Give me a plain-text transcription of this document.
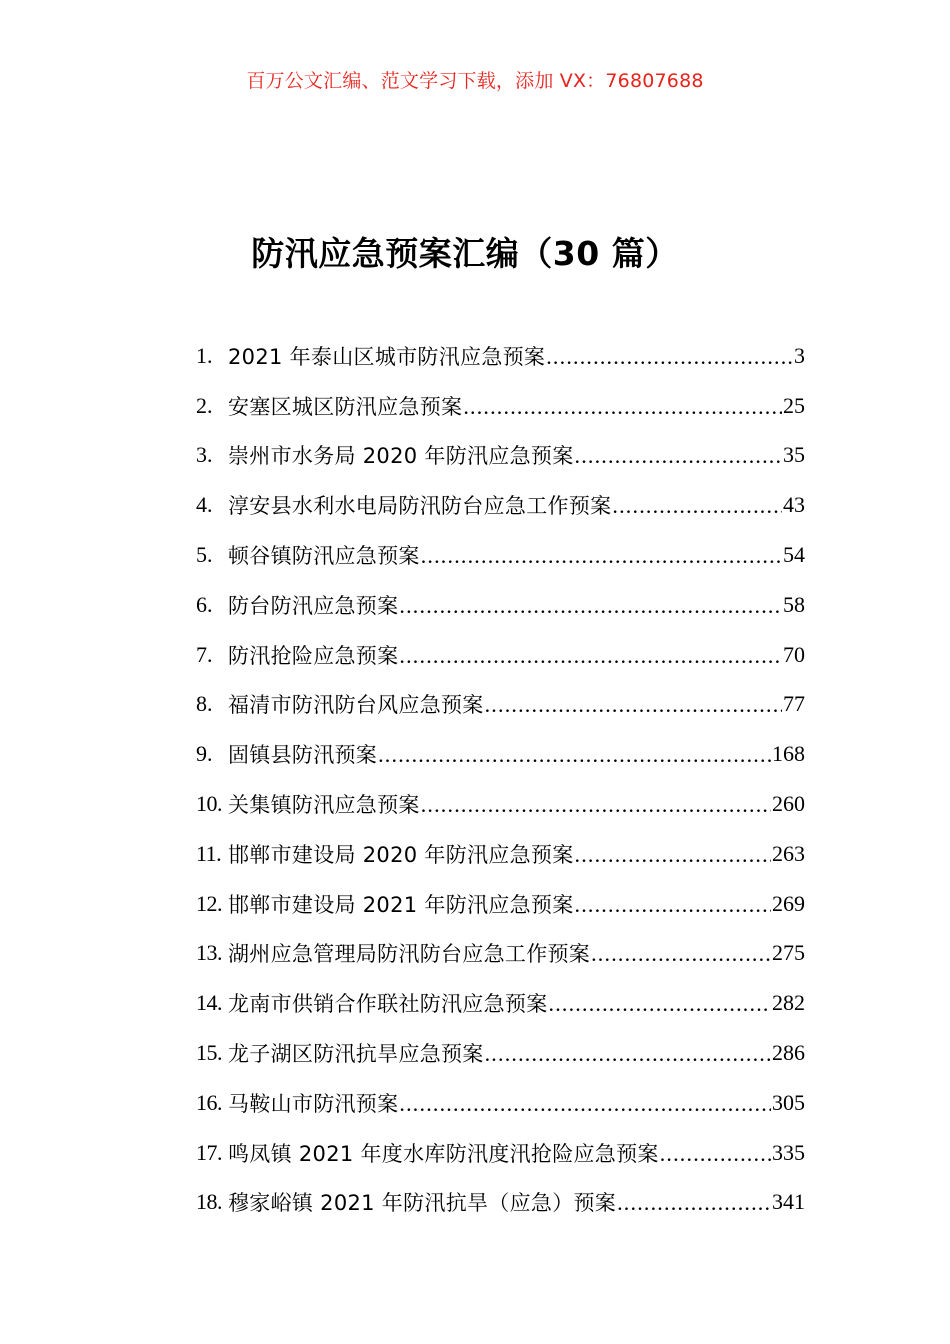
百万公文汇编、范文学习下载，添加 VX：76807688
防汛应急预案汇编（30 篇）
1. 2021 年泰山区城市防汛应急预案 .....	3
2. 安塞区城区防汛应急预案 .....	25
3. 崇州市水务局 2020 年防汛应急预案 .....	35
4. 淳安县水利水电局防汛防台应急工作预案 .....	43
5. 顿谷镇防汛应急预案 .....	54
6. 防台防汛应急预案 .....	58
7. 防汛抢险应急预案 .....	70
8. 福清市防汛防台风应急预案 .....	77
9. 固镇县防汛预案 .....	168
10. 关集镇防汛应急预案 .....	260
11. 邯郸市建设局 2020 年防汛应急预案 .....	263
12. 邯郸市建设局 2021 年防汛应急预案 .....	269
13. 湖州应急管理局防汛防台应急工作预案 .....	275
14. 龙南市供销合作联社防汛应急预案 .....	282
15. 龙子湖区防汛抗旱应急预案 .....	286
16. 马鞍山市防汛预案 .....	305
17. 鸣凤镇 2021 年度水库防汛度汛抢险应急预案 .....	335
18. 穆家峪镇 2021 年防汛抗旱（应急）预案 .....	341
